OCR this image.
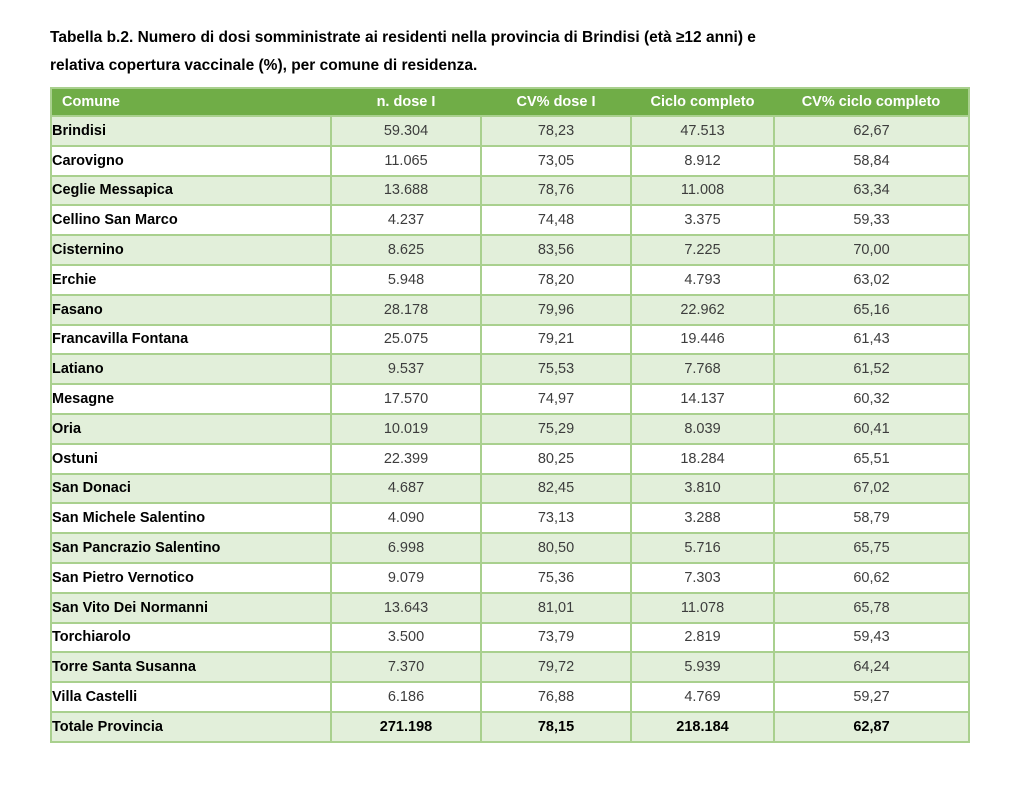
Tabella b.2. Numero di dosi somministrate ai residenti nella provincia di Brindisi (età ≥12 anni) e
relativa copertura vaccinale (%), per comune di residenza.
Comune	n. dose I	CV% dose I	Ciclo completo	CV% ciclo completo
Brindisi	59.304	78,23	47.513	62,67
Carovigno	11.065	73,05	8.912	58,84
Ceglie Messapica	13.688	78,76	11.008	63,34
Cellino San Marco	4.237	74,48	3.375	59,33
Cisternino	8.625	83,56	7.225	70,00
Erchie	5.948	78,20	4.793	63,02
Fasano	28.178	79,96	22.962	65,16
Francavilla Fontana	25.075	79,21	19.446	61,43
Latiano	9.537	75,53	7.768	61,52
Mesagne	17.570	74,97	14.137	60,32
Oria	10.019	75,29	8.039	60,41
Ostuni	22.399	80,25	18.284	65,51
San Donaci	4.687	82,45	3.810	67,02
San Michele Salentino	4.090	73,13	3.288	58,79
San Pancrazio Salentino	6.998	80,50	5.716	65,75
San Pietro Vernotico	9.079	75,36	7.303	60,62
San Vito Dei Normanni	13.643	81,01	11.078	65,78
Torchiarolo	3.500	73,79	2.819	59,43
Torre Santa Susanna	7.370	79,72	5.939	64,24
Villa Castelli	6.186	76,88	4.769	59,27
Totale Provincia	271.198	78,15	218.184	62,87
